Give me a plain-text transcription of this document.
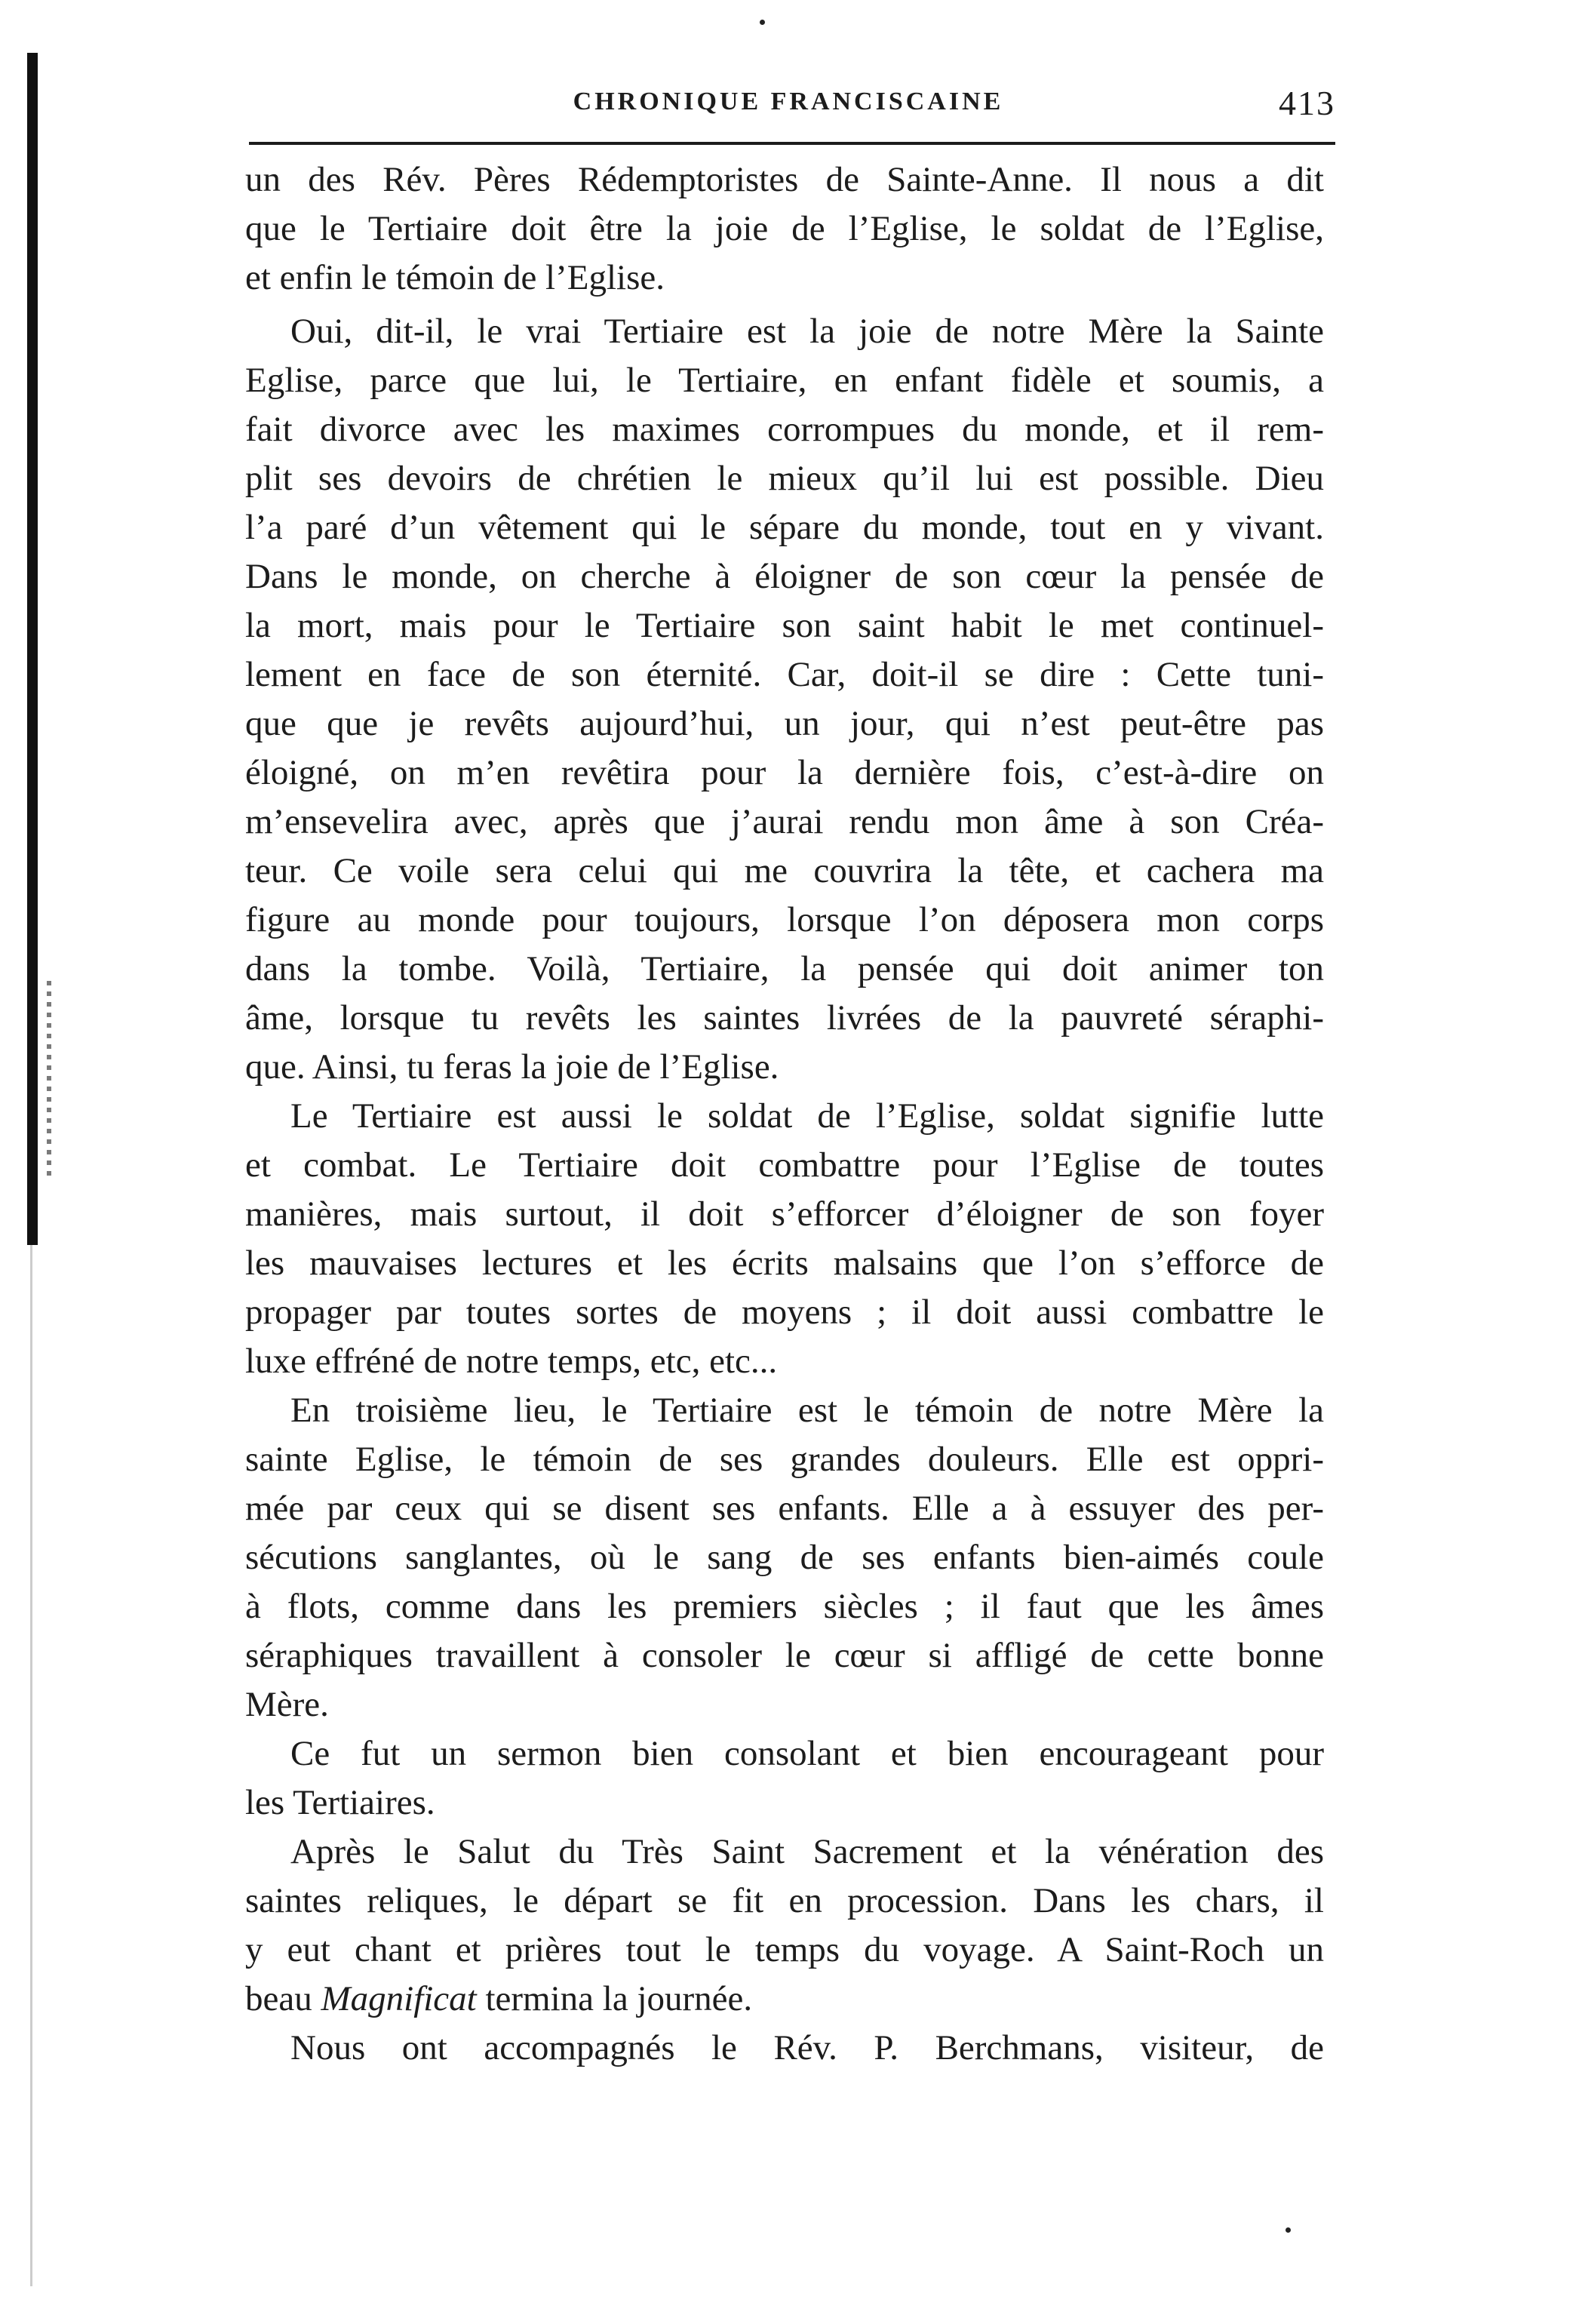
CHRONIQUE FRANCISCAINE	413

un des Rév. Pères Rédemptoristes de Sainte-Anne. Il nous a dit
que le Tertiaire doit être la joie de l’Eglise, le soldat de l’Eglise,
et enfin le témoin de l’Eglise.

Oui, dit-il, le vrai Tertiaire est la joie de notre Mère la Sainte
Eglise, parce que lui, le Tertiaire, en enfant fidèle et soumis, a
fait divorce avec les maximes corrompues du monde, et il rem-
plit ses devoirs de chrétien le mieux qu’il lui est possible. Dieu
l’a paré d’un vêtement qui le sépare du monde, tout en y vivant.
Dans le monde, on cherche à éloigner de son cœur la pensée de
la mort, mais pour le Tertiaire son saint habit le met continuel-
lement en face de son éternité. Car, doit-il se dire : Cette tuni-
que que je revêts aujourd’hui, un jour, qui n’est peut-être pas
éloigné, on m’en revêtira pour la dernière fois, c’est-à-dire on
m’ensevelira avec, après que j’aurai rendu mon âme à son Créa-
teur. Ce voile sera celui qui me couvrira la tête, et cachera ma
figure au monde pour toujours, lorsque l’on déposera mon corps
dans la tombe. Voilà, Tertiaire, la pensée qui doit animer ton
âme, lorsque tu revêts les saintes livrées de la pauvreté séraphi-
que. Ainsi, tu feras la joie de l’Eglise.

Le Tertiaire est aussi le soldat de l’Eglise, soldat signifie lutte
et combat. Le Tertiaire doit combattre pour l’Eglise de toutes
manières, mais surtout, il doit s’efforcer d’éloigner de son foyer
les mauvaises lectures et les écrits malsains que l’on s’efforce de
propager par toutes sortes de moyens ; il doit aussi combattre le
luxe effréné de notre temps, etc, etc...

En troisième lieu, le Tertiaire est le témoin de notre Mère la
sainte Eglise, le témoin de ses grandes douleurs. Elle est oppri-
mée par ceux qui se disent ses enfants. Elle a à essuyer des per-
sécutions sanglantes, où le sang de ses enfants bien-aimés coule
à flots, comme dans les premiers siècles ; il faut que les âmes
séraphiques travaillent à consoler le cœur si affligé de cette bonne
Mère.

Ce fut un sermon bien consolant et bien encourageant pour
les Tertiaires.

Après le Salut du Très Saint Sacrement et la vénération des
saintes reliques, le départ se fit en procession. Dans les chars, il
y eut chant et prières tout le temps du voyage. A Saint-Roch un
beau Magnificat termina la journée.

Nous ont accompagnés le Rév. P. Berchmans, visiteur, de
